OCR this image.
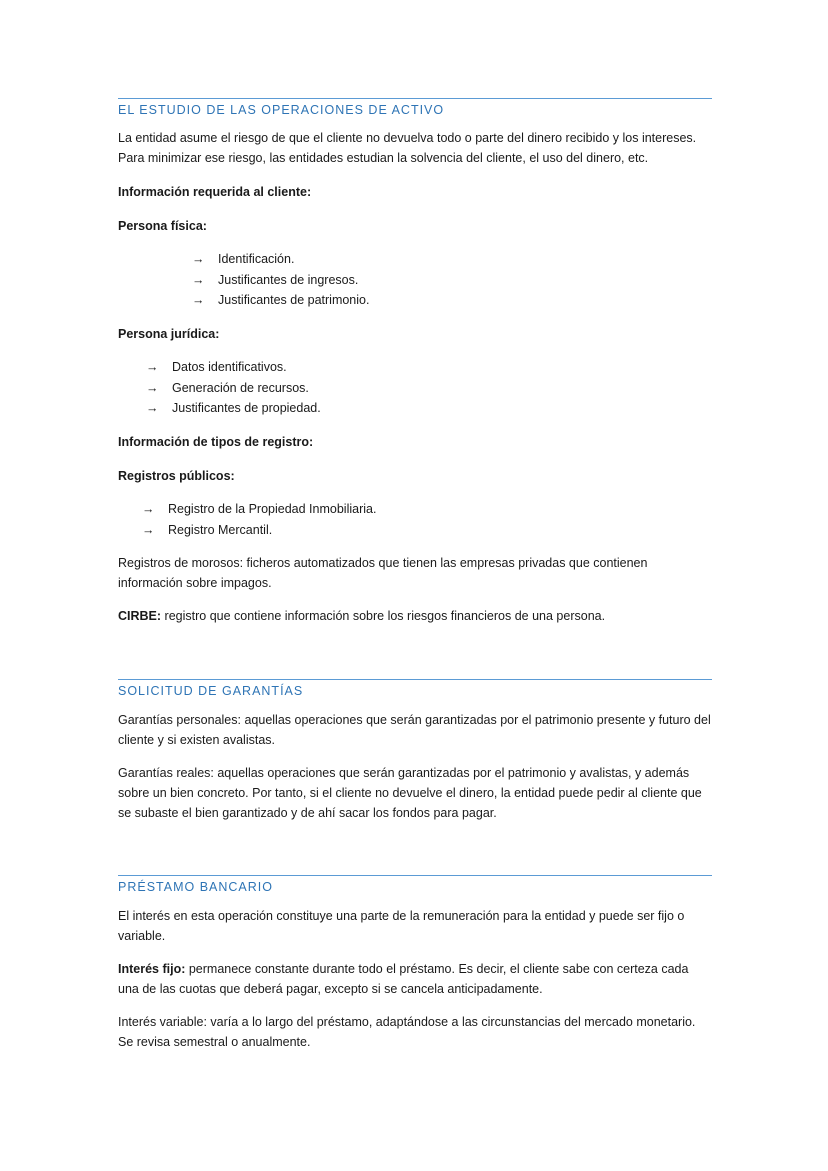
EL ESTUDIO DE LAS OPERACIONES DE ACTIVO
La entidad asume el riesgo de que el cliente no devuelva todo o parte del dinero recibido y los intereses. Para minimizar ese riesgo, las entidades estudian la solvencia del cliente, el uso del dinero, etc.
Información requerida al cliente:
Persona física:
→ Identificación.
→ Justificantes de ingresos.
→ Justificantes de patrimonio.
Persona jurídica:
→ Datos identificativos.
→ Generación de recursos.
→ Justificantes de propiedad.
Información de tipos de registro:
Registros públicos:
→ Registro de la Propiedad Inmobiliaria.
→ Registro Mercantil.
Registros de morosos: ficheros automatizados que tienen las empresas privadas que contienen información sobre impagos.
CIRBE: registro que contiene información sobre los riesgos financieros de una persona.
SOLICITUD DE GARANTÍAS
Garantías personales: aquellas operaciones que serán garantizadas por el patrimonio presente y futuro del cliente y si existen avalistas.
Garantías reales: aquellas operaciones que serán garantizadas por el patrimonio y avalistas, y además sobre un bien concreto. Por tanto, si el cliente no devuelve el dinero, la entidad puede pedir al cliente que se subaste el bien garantizado y de ahí sacar los fondos para pagar.
PRÉSTAMO BANCARIO
El interés en esta operación constituye una parte de la remuneración para la entidad y puede ser fijo o variable.
Interés fijo: permanece constante durante todo el préstamo. Es decir, el cliente sabe con certeza cada una de las cuotas que deberá pagar, excepto si se cancela anticipadamente.
Interés variable: varía a lo largo del préstamo, adaptándose a las circunstancias del mercado monetario. Se revisa semestral o anualmente.
